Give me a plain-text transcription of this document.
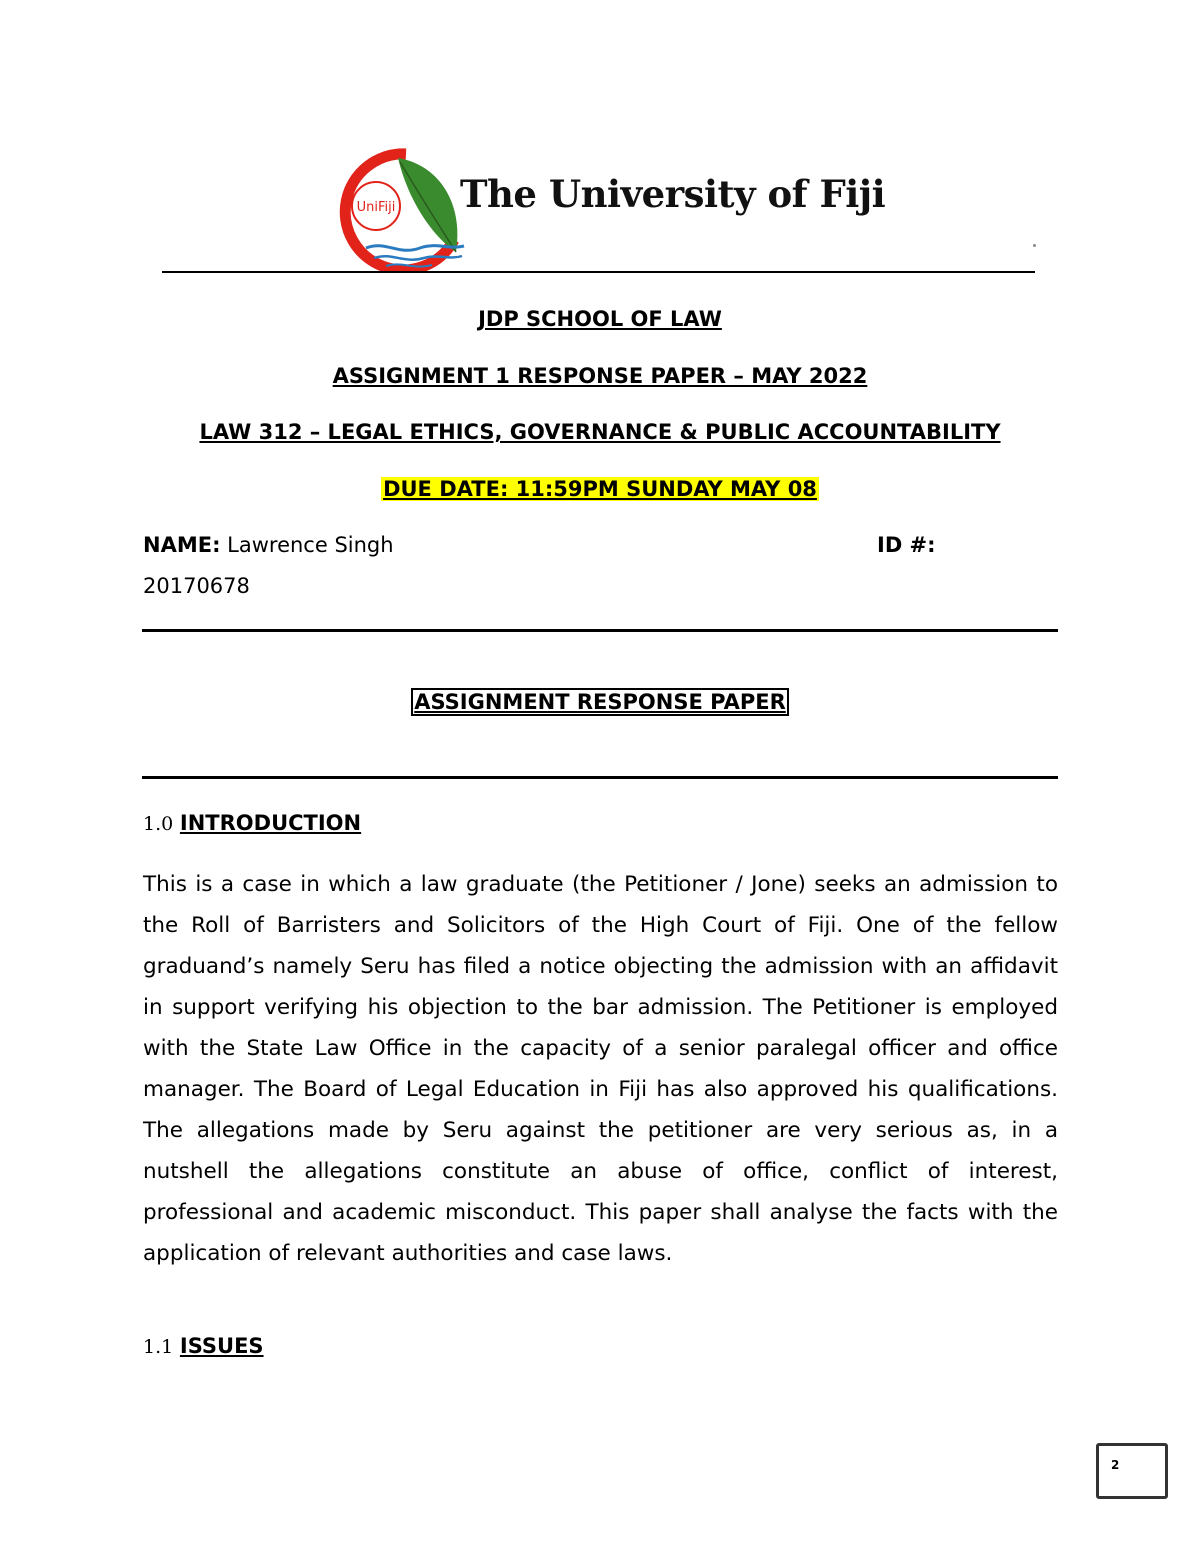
UniFiji The University of Fiji
JDP SCHOOL OF LAW
ASSIGNMENT 1 RESPONSE PAPER – MAY 2022
LAW 312 – LEGAL ETHICS, GOVERNANCE & PUBLIC ACCOUNTABILITY
DUE DATE: 11:59PM SUNDAY MAY 08
NAME: Lawrence Singh	ID #:
20170678
ASSIGNMENT RESPONSE PAPER
1.0 INTRODUCTION
This is a case in which a law graduate (the Petitioner / Jone) seeks an admission to the Roll of Barristers and Solicitors of the High Court of Fiji. One of the fellow graduand’s namely Seru has filed a notice objecting the admission with an affidavit in support verifying his objection to the bar admission. The Petitioner is employed with the State Law Office in the capacity of a senior paralegal officer and office manager. The Board of Legal Education in Fiji has also approved his qualifications. The allegations made by Seru against the petitioner are very serious as, in a nutshell the allegations constitute an abuse of office, conflict of interest, professional and academic misconduct. This paper shall analyse the facts with the application of relevant authorities and case laws.
1.1 ISSUES
2
